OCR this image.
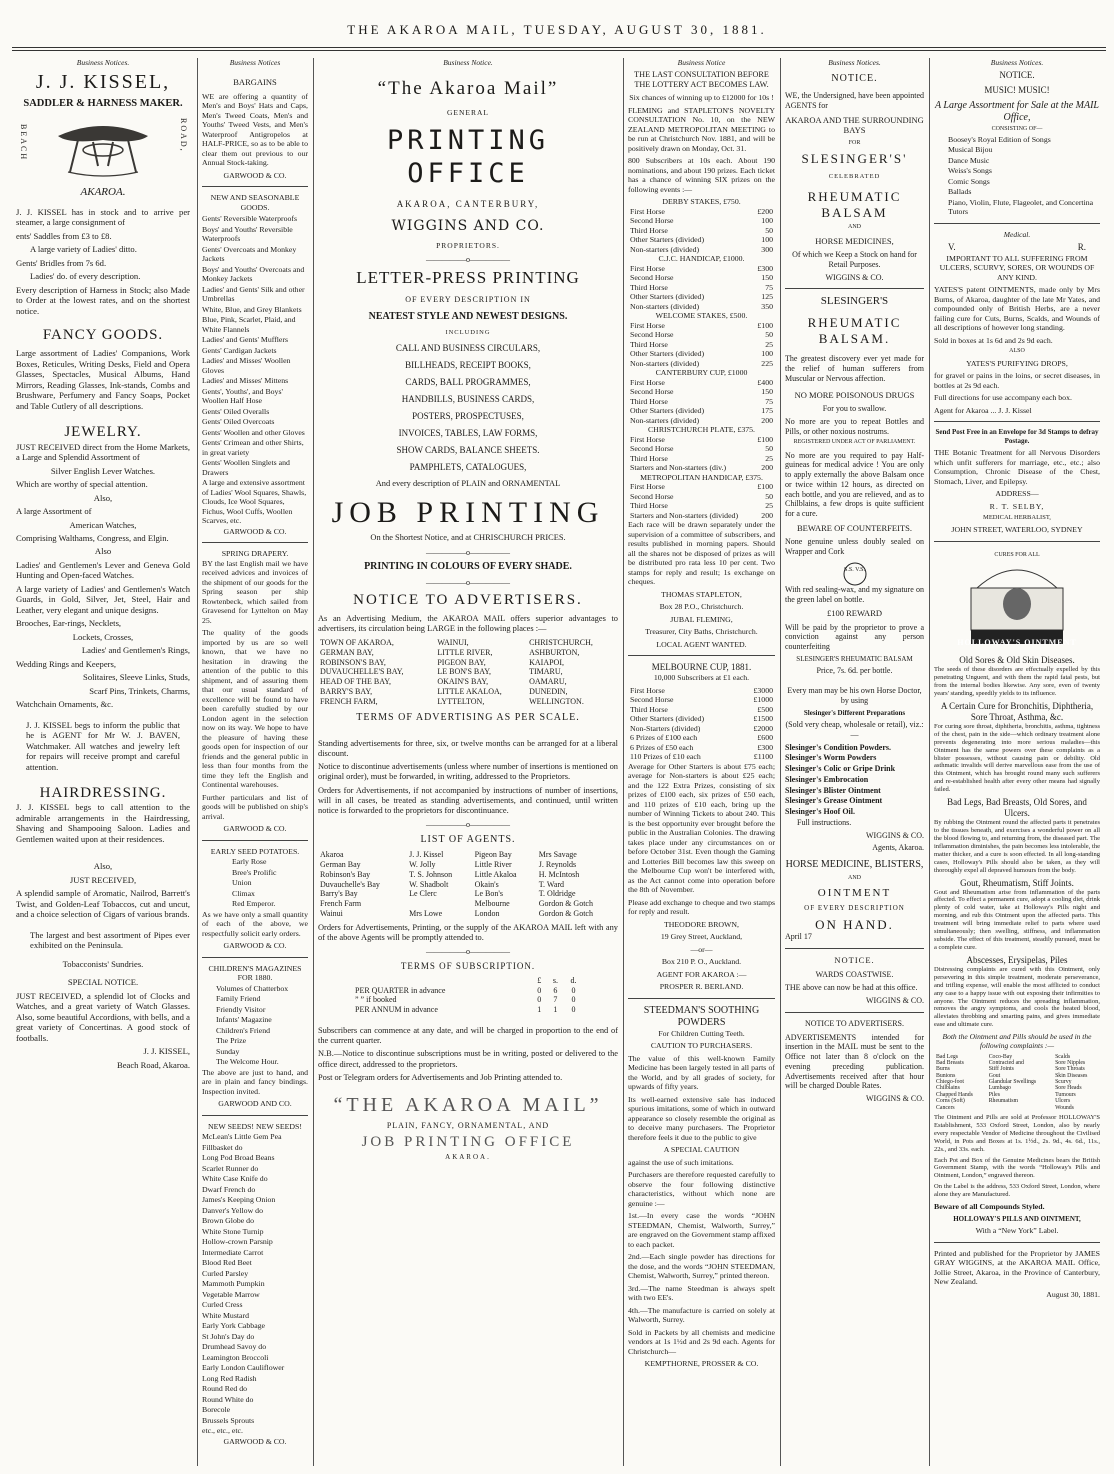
THE AKAROA MAIL, TUESDAY, AUGUST 30, 1881.
Business Notices.
J. J. KISSEL,
SADDLER & HARNESS MAKER.
BEACH	ROAD,
AKAROA.

J. J. KISSEL has in stock and to arrive per steamer, a large consignment of

ents' Saddles from £3 to £8.

A large variety of Ladies' ditto.

Gents' Bridles from 7s 6d.

Ladies' do. of every description.

Every description of Harness in Stock; also Made to Order at the lowest rates, and on the shortest notice.

FANCY GOODS.

Large assortment of Ladies' Companions, Work Boxes, Reticules, Writing Desks, Field and Opera Glasses, Spectacles, Musical Albums, Hand Mirrors, Reading Glasses, Ink-stands, Combs and Brushware, Perfumery and Fancy Soaps, Pocket and Table Cutlery of all descriptions.

JEWELRY.

JUST RECEIVED direct from the Home Markets, a Large and Splendid Assortment of

Silver English Lever Watches.

Which are worthy of special attention.

Also,

A large Assortment of

American Watches,

Comprising Walthams, Congress, and Elgin.

Also

Ladies' and Gentlemen's Lever and Geneva Gold Hunting and Open-faced Watches.

A large variety of Ladies' and Gentlemen's Watch Guards, in Gold, Silver, Jet, Steel, Hair and Leather, very elegant and unique designs.

Brooches, Ear-rings, Necklets,

Lockets, Crosses,

Ladies' and Gentlemen's Rings,

Wedding Rings and Keepers,

Solitaires, Sleeve Links, Studs,

Scarf Pins, Trinkets, Charms,

Watchchain Ornaments, &c.

J. J. KISSEL begs to inform the public that he is AGENT for Mr W. J. BAVEN, Watchmaker. All watches and jewelry left for repairs will receive prompt and careful attention.

HAIRDRESSING.

J. J. KISSEL begs to call attention to the admirable arrangements in the Hairdressing, Shaving and Shampooing Saloon. Ladies and Gentlemen waited upon at their residences.

Also,

JUST RECEIVED,

A splendid sample of Aromatic, Nailrod, Barrett's Twist, and Golden-Leaf Tobaccos, cut and uncut, and a choice selection of Cigars of various brands.

The largest and best assortment of Pipes ever exhibited on the Peninsula.

Tobacconists' Sundries.

SPECIAL NOTICE.

JUST RECEIVED, a splendid lot of Clocks and Watches, and a great variety of Watch Glasses. Also, some beautiful Accordions, with bells, and a great variety of Concertinas. A good stock of footballs.

J. J. KISSEL,

Beach Road, Akaroa.

Business Notices
BARGAINS

WE are offering a quantity of Men's and Boys' Hats and Caps, Men's Tweed Coats, Men's and Youths' Tweed Vests, and Men's Waterproof Antigropelos at HALF-PRICE, so as to be able to clear them out previous to our Annual Stock-taking.

GARWOOD & CO.

NEW AND SEASONABLE GOODS.
Gents' Reversible Waterproofs
Boys' and Youths' Reversible Waterproofs
Gents' Overcoats and Monkey Jackets
Boys' and Youths' Overcoats and Monkey Jackets
Ladies' and Gents' Silk and other Umbrellas
White, Blue, and Grey Blankets
Blue, Pink, Scarlet, Plaid, and White Flannels
Ladies' and Gents' Mufflers
Gents' Cardigan Jackets
Ladies' and Misses' Woollen Gloves
Ladies' and Misses' Mittens
Gents', Youths', and Boys' Woollen Half Hose
Gents' Oiled Overalls
Gents' Oiled Overcoats
Gents' Woollen and other Gloves
Gents' Crimean and other Shirts, in great variety
Gents' Woollen Singlets and Drawers
A large and extensive assortment of Ladies' Wool Squares, Shawls, Clouds, Ice Wool Squares, Fichus, Wool Cuffs, Woollen Scarves, etc.

GARWOOD & CO.

SPRING DRAPERY.

BY the last English mail we have received advices and invoices of the shipment of our goods for the Spring season per ship Rowtenbeck, which sailed from Gravesend for Lyttelton on May 25.

The quality of the goods imported by us are so well known, that we have no hesitation in drawing the attention of the public to this shipment, and of assuring them that our usual standard of excellence will be found to have been carefully studied by our London agent in the selection now on its way. We hope to have the pleasure of having these goods open for inspection of our friends and the general public in less than four months from the time they left the English and Continental warehouses.

Further particulars and list of goods will be published on ship's arrival.

GARWOOD & CO.

EARLY SEED POTATOES.
Early Rose
Bree's Prolific
Union
Climax
Red Emperor.

As we have only a small quantity of each of the above, we respectfully solicit early orders.

GARWOOD & CO.

CHILDREN'S MAGAZINES FOR 1880.
Volumes of Chatterbox
Family Friend
Friendly Visitor
Infants' Magazine
Children's Friend
The Prize
Sunday
The Welcome Hour.

The above are just to hand, and are in plain and fancy bindings. Inspection invited.

GARWOOD AND CO.

NEW SEEDS! NEW SEEDS!
McLean's Little Gem Pea
Fillbasket do
Long Pod Broad Beans
Scarlet Runner do
White Case Knife do
Dwarf French do
James's Keeping Onion
Danver's Yellow do
Brown Globe do
White Stone Turnip
Hollow-crown Parsnip
Intermediate Carrot
Blood Red Beet
Curled Parsley
Mammoth Pumpkin
Vegetable Marrow
Curled Cress
White Mustard
Early York Cabbage
St John's Day do
Drumhead Savoy do
Leamington Broccoli
Early London Cauliflower
Long Red Radish
Round Red do
Round White do
Borecole
Brussels Sprouts
etc., etc., etc.

GARWOOD & CO.

Business Notice.
“The Akaroa Mail”
GENERAL
PRINTING OFFICE
AKAROA, CANTERBURY,
WIGGINS AND CO.
PROPRIETORS.
—————o—————
LETTER-PRESS PRINTING
OF EVERY DESCRIPTION IN
NEATEST STYLE AND NEWEST DESIGNS.
INCLUDING
CALL AND BUSINESS CIRCULARS,
BILLHEADS, RECEIPT BOOKS,
CARDS, BALL PROGRAMMES,
HANDBILLS, BUSINESS CARDS,
POSTERS, PROSPECTUSES,
INVOICES, TABLES, LAW FORMS,
SHOW CARDS, BALANCE SHEETS.
PAMPHLETS, CATALOGUES,
And every description of PLAIN and ORNAMENTAL
JOB PRINTING
On the Shortest Notice, and at CHRISCHURCH PRICES.
—————o—————
PRINTING IN COLOURS OF EVERY SHADE.
—————o—————
NOTICE TO ADVERTISERS.

As an Advertising Medium, the AKAROA MAIL offers superior advantages to advertisers, its circulation being LARGE in the following places :—

TOWN OF AKAROA,	WAINUI,	CHRISTCHURCH,
GERMAN BAY,	LITTLE RIVER,	ASHBURTON,
ROBINSON'S BAY,	PIGEON BAY,	KAIAPOI,
DUVAUCHELLE'S BAY,	LE BON'S BAY,	TIMARU,
HEAD OF THE BAY,	OKAIN'S BAY,	OAMARU,
BARRY'S BAY,	LITTLE AKALOA,	DUNEDIN,
FRENCH FARM,	LYTTELTON,	WELLINGTON.
TERMS OF ADVERTISING AS PER SCALE.

Standing advertisements for three, six, or twelve months can be arranged for at a liberal discount.

Notice to discontinue advertisements (unless where number of insertions is mentioned on original order), must be forwarded, in writing, addressed to the Proprietors.

Orders for Advertisements, if not accompanied by instructions of number of insertions, will in all cases, be treated as standing advertisements, and continued, until written notice is forwarded to the proprietors for discontinuance.

—————o—————
LIST OF AGENTS.
Akaroa	J. J. Kissel	Pigeon Bay	Mrs Savage
German Bay	W. Jolly	Little River	J. Reynolds
Robinson's Bay	T. S. Johnson	Little Akaloa	H. McIntosh
Duvauchelle's Bay	W. Shadbolt	Okain's	T. Ward
Barry's Bay	Le Clerc	Le Bon's	T. Oldridge
French Farm		Melbourne	Gordon & Gotch
Wainui	Mrs Lowe	London	Gordon & Gotch

Orders for Advertisements, Printing, or the supply of the AKAROA MAIL left with any of the above Agents will be promptly attended to.

—————o—————
TERMS OF SUBSCRIPTION.
	£	s.	d.
PER QUARTER in advance	0	6	0
” ” if booked	0	7	0
PER ANNUM in advance	1	1	0

Subscribers can commence at any date, and will be charged in proportion to the end of the current quarter.

N.B.—Notice to discontinue subscriptions must be in writing, posted or delivered to the office direct, addressed to the proprietors.

Post or Telegram orders for Advertisements and Job Printing attended to.

“THE AKAROA MAIL”
PLAIN, FANCY, ORNAMENTAL, AND
JOB PRINTING OFFICE
AKAROA.
Business Notice
THE LAST CONSULTATION BEFORE THE LOTTERY ACT BECOMES LAW.

Six chances of winning up to £12000 for 10s !

FLEMING and STAPLETON'S NOVELTY CONSULTATION No. 10, on the NEW ZEALAND METROPOLITAN MEETING to be run at Christchurch Nov. 1881, and will be positively drawn on Monday, Oct. 31.

800 Subscribers at 10s each. About 190 nominations, and about 190 prizes. Each ticket has a chance of winning SIX prizes on the following events :—

DERBY STAKES, £750.
First Horse	£200
Second Horse	100
Third Horse	50
Other Starters (divided)	100
Non-starters (divided)	300
C.J.C. HANDICAP, £1000.
First Horse	£300
Second Horse	150
Third Horse	75
Other Starters (divided)	125
Non-starters (divided)	350
WELCOME STAKES, £500.
First Horse	£100
Second Horse	50
Third Horse	25
Other Starters (divided)	100
Non-starters (divided)	225
CANTERBURY CUP, £1000
First Horse	£400
Second Horse	150
Third Horse	75
Other Starters (divided)	175
Non-starters (divided)	200
CHRISTCHURCH PLATE, £375.
First Horse	£100
Second Horse	50
Third Horse	25
Starters and Non-starters (div.)	200
METROPOLITAN HANDICAP, £375.
First Horse	£100
Second Horse	50
Third Horse	25
Starters and Non-starters (divided)	200

Each race will be drawn separately under the supervision of a committee of subscribers, and results published in morning papers. Should all the shares not be disposed of prizes as will be distributed pro rata less 10 per cent. Two stamps for reply and result; 1s exchange on cheques.

THOMAS STAPLETON,

Box 28 P.O., Christchurch.

JUBAL FLEMING,

Treasurer, City Baths, Christchurch.

LOCAL AGENT WANTED.

MELBOURNE CUP, 1881.

10,000 Subscribers at £1 each.

First Horse	£3000
Second Horse	£1000
Third Horse	£500
Other Starters (divided)	£1500
Non-Starters (divided)	£2000
6 Prizes of £100 each	£600
6 Prizes of £50 each	£300
110 Prizes of £10 each	£1100

Average for Other Starters is about £75 each; average for Non-starters is about £25 each; and the 122 Extra Prizes, consisting of six prizes of £100 each, six prizes of £50 each, and 110 prizes of £10 each, bring up the number of Winning Tickets to about 240. This is the best opportunity ever brought before the public in the Australian Colonies. The drawing takes place under any circumstances on or before October 31st. Even though the Gaming and Lotteries Bill becomes law this sweep on the Melbourne Cup won't be interfered with, as the Act cannot come into operation before the 8th of November.

Please add exchange to cheque and two stamps for reply and result.

THEODORE BROWN,

19 Grey Street, Auckland,

—or—

Box 210 P. O., Auckland.

AGENT FOR AKAROA :—

PROSPER R. BERLAND.

STEEDMAN'S SOOTHING POWDERS

For Children Cutting Teeth.

CAUTION TO PURCHASERS.

The value of this well-known Family Medicine has been largely tested in all parts of the World, and by all grades of society, for upwards of fifty years.

Its well-earned extensive sale has induced spurious imitations, some of which in outward appearance so closely resemble the original as to deceive many purchasers. The Proprietor therefore feels it due to the public to give

A SPECIAL CAUTION

against the use of such imitations.

Purchasers are therefore requested carefully to observe the four following distinctive characteristics, without which none are genuine :—

1st.—In every case the words “JOHN STEEDMAN, Chemist, Walworth, Surrey,” are engraved on the Government stamp affixed to each packet.

2nd.—Each single powder has directions for the dose, and the words “JOHN STEEDMAN, Chemist, Walworth, Surrey,” printed thereon.

3rd.—The name Steedman is always spelt with two EE's.

4th.—The manufacture is carried on solely at Walworth, Surrey.

Sold in Packets by all chemists and medicine vendors at 1s 1½d and 2s 9d each. Agents for Christchurch—

KEMPTHORNE, PROSSER & CO.

Business Notices.
NOTICE.

WE, the Undersigned, have been appointed AGENTS for

AKAROA AND THE SURROUNDING BAYS
FOR
SLESINGER'S'
CELEBRATED
RHEUMATIC BALSAM
AND
HORSE MEDICINES,

Of which we Keep a Stock on hand for Retail Purposes.

WIGGINS & CO.

SLESINGER'S
RHEUMATIC BALSAM.

The greatest discovery ever yet made for the relief of human sufferers from Muscular or Nervous affection.

NO MORE POISONOUS DRUGS

For you to swallow.

No more are you to repeat Bottles and Pills, or other noxious nostrums.

REGISTERED UNDER ACT OF PARLIAMENT.

No more are you required to pay Half-guineas for medical advice ! You are only to apply externally the above Balsam once or twice within 12 hours, as directed on each bottle, and you are relieved, and as to Chilblains, a few drops is quite sufficient for a cure.

BEWARE OF COUNTERFEITS.

None genuine unless doubly sealed on Wrapper and Cork

S.S. V.S.

With red sealing-wax, and my signature on the green label on bottle.

£100 REWARD

Will be paid by the proprietor to prove a conviction against any person counterfeiting

SLESINGER'S RHEUMATIC BALSAM

Price, 7s. 6d. per bottle.

Every man may be his own Horse Doctor, by using

Slesinger's Different Preparations

(Sold very cheap, wholesale or retail), viz.:—

Slesinger's Condition Powders.
Slesinger's Worm Powders
Slesinger's Colic or Gripe Drink
Slesinger's Embrocation
Slesinger's Blister Ointment
Slesinger's Grease Ointment
Slesinger's Hoof Oil.

Full instructions.

WIGGINS & CO.

Agents, Akaroa.

HORSE MEDICINE, BLISTERS,
AND
OINTMENT
OF EVERY DESCRIPTION
ON HAND.

April 17

NOTICE.
WARDS COASTWISE.

THE above can now be had at this office.

WIGGINS & CO.

NOTICE TO ADVERTISERS.

ADVERTISEMENTS intended for insertion in the MAIL must be sent to the Office not later than 8 o'clock on the evening preceding publication. Advertisements received after that hour will be charged Double Rates.

WIGGINS & CO.

Business Notices.
NOTICE.
MUSIC! MUSIC!
A Large Assortment for Sale at the MAIL Office,
CONSISTING OF—
Boosey's Royal Edition of Songs
Musical Bijou
Dance Music
Weiss's Songs
Comic Songs
Ballads
Piano, Violin, Flute, Flageolet, and Concertina Tutors
Medical.
V.	R.

IMPORTANT TO ALL SUFFERING FROM ULCERS, SCURVY, SORES, OR WOUNDS OF ANY KIND.

YATES'S patent OINTMENTS, made only by Mrs Burns, of Akaroa, daughter of the late Mr Yates, and compounded only of British Herbs, are a never failing cure for Cuts, Burns, Scalds, and Wounds of all descriptions of however long standing.

Sold in boxes at 1s 6d and 2s 9d each.

ALSO

YATES'S PURIFYING DROPS,

for gravel or pains in the loins, or secret diseases, in bottles at 2s 9d each.

Full directions for use accompany each box.

Agent for Akaroa ... J. J. Kissel

Send Post Free in an Envelope for 3d Stamps to defray Postage.

THE Botanic Treatment for all Nervous Disorders which unfit sufferers for marriage, etc., etc.; also Consumption, Chronic Disease of the Chest, Stomach, Liver, and Epilepsy.

ADDRESS—

R. T. SELBY,

MEDICAL HERBALIST,

JOHN STREET, WATERLOO, SYDNEY

CURES FOR ALL
HOLLOWAY'S OINTMENT
Old Sores & Old Skin Diseases.

The seeds of these disorders are effectually expelled by this penetrating Unguent, and with them the rapid fatal pests, but from the internal bodies likewise. Any sore, even of twenty years' standing, speedily yields to its influence.

A Certain Cure for Bronchitis, Diphtheria, Sore Throat, Asthma, &c.

For curing sore throat, diphtheria, bronchitis, asthma, tightness of the chest, pain in the side—which ordinary treatment alone prevents degenerating into more serious maladies—this Ointment has the same powers over these complaints as a blister possesses, without causing pain or debility. Old asthmatic invalids will derive marvellous ease from the use of this Ointment, which has brought round many such sufferers and re-established health after every other means had signally failed.

Bad Legs, Bad Breasts, Old Sores, and Ulcers.

By rubbing the Ointment round the affected parts it penetrates to the tissues beneath, and exercises a wonderful power on all the blood flowing to, and returning from, the diseased part. The inflammation diminishes, the pain becomes less intolerable, the matter thicker, and a cure is soon effected. In all long-standing cases, Holloway's Pills should also be taken, as they will thoroughly expel all depraved humours from the body.

Gout, Rheumatism, Stiff Joints.

Gout and Rheumatism arise from inflammation of the parts affected. To effect a permanent cure, adopt a cooling diet, drink plenty of cold water, take at Holloway's Pills night and morning, and rub this Ointment upon the affected parts. This treatment will bring immediate relief to parts where used simultaneously; then swelling, stiffness, and inflammation subside. The effect of this treatment, steadily pursued, must be a complete cure.

Abscesses, Erysipelas, Piles

Distressing complaints are cured with this Ointment, only persevering in this simple treatment, moderate perseverance, and trifling expense, will enable the most afflicted to conduct any case to a happy issue with out exposing their infirmities to anyone. The Ointment reduces the spreading inflammation, removes the angry symptoms, and cools the heated blood, alleviates throbbing and smarting pains, and gives immediate ease and ultimate cure.

Both the Ointment and Pills should be used in the following complaints :—

Bad Legs	Coco-Bay	Scalds
Bad Breasts	Contracted and	Sore Nipples
Burns	Stiff Joints	Sore Throats
Bunions	Gout	Skin Diseases
Chiego-foot	Glandular Swellings	Scurvy
Chilblains	Lumbago	Sore Heads
Chapped Hands	Piles	Tumours
Corns (Soft)	Rheumatism	Ulcers
Cancers		Wounds

The Ointment and Pills are sold at Professor HOLLOWAY'S Establishment, 533 Oxford Street, London, also by nearly every respectable Vendor of Medicine throughout the Civilised World, in Pots and Boxes at 1s. 1½d., 2s. 9d., 4s. 6d., 11s., 22s., and 33s. each.

Each Pot and Box of the Genuine Medicines bears the British Government Stamp, with the words “Holloway's Pills and Ointment, London,” engraved thereon.

On the Label is the address, 533 Oxford Street, London, where alone they are Manufactured.

Beware of all Compounds Styled.

HOLLOWAY'S PILLS AND OINTMENT,

With a “New York” Label.

Printed and published for the Proprietor by JAMES GRAY WIGGINS, at the AKAROA MAIL Office, Jollie Street, Akaroa, in the Province of Canterbury, New Zealand.

August 30, 1881.
